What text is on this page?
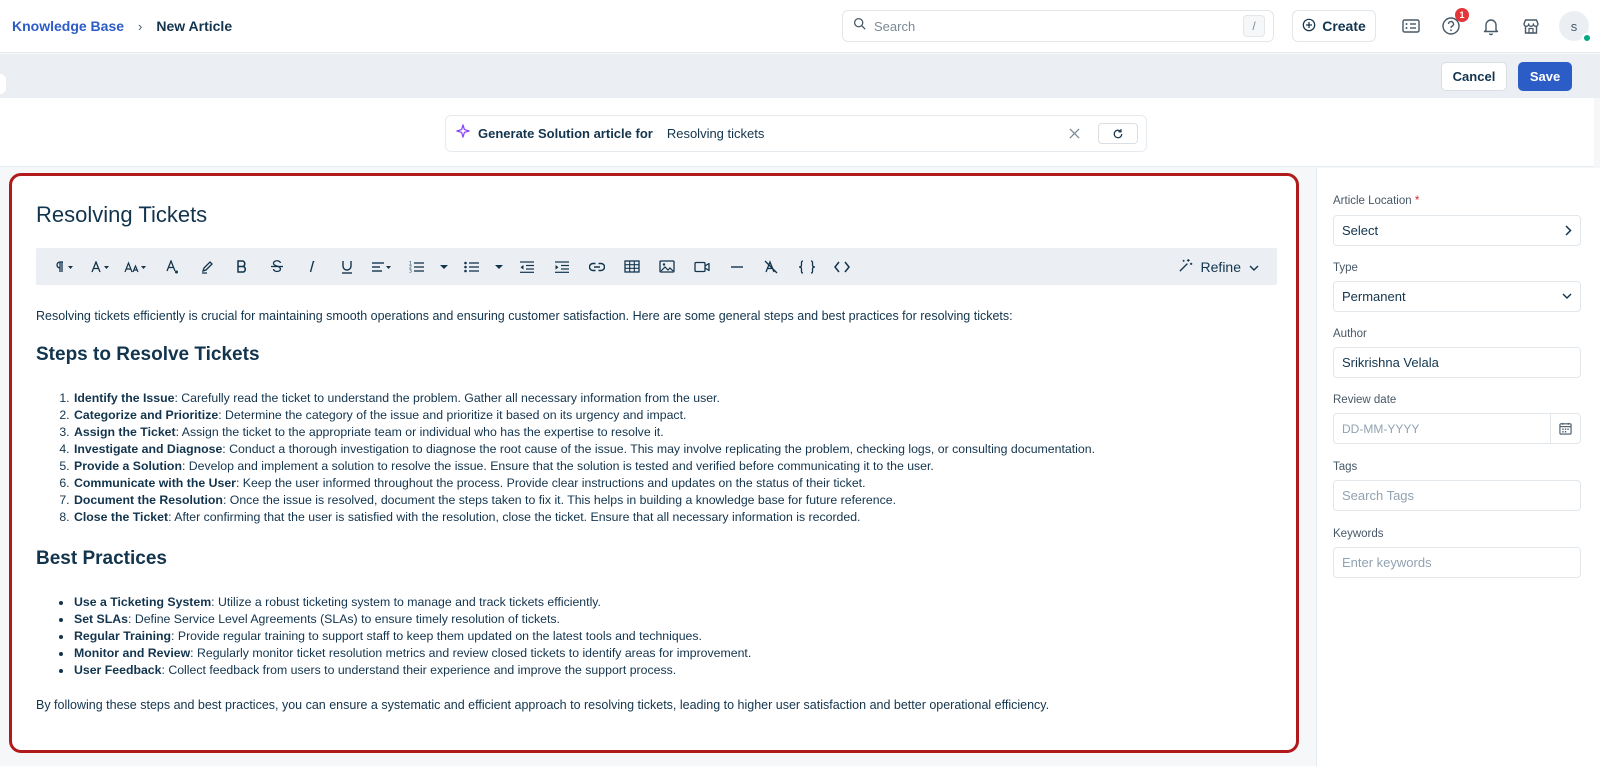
Knowledge Base › New Article	Search	/	Create
1
s
Cancel	Save
Generate Solution article for Resolving tickets
Resolving Tickets
1
2
3	Refine

Resolving tickets efficiently is crucial for maintaining smooth operations and ensuring customer satisfaction. Here are some general steps and best practices for resolving tickets:

Steps to Resolve Tickets
1. Identify the Issue: Carefully read the ticket to understand the problem. Gather all necessary information from the user.
2. Categorize and Prioritize: Determine the category of the issue and prioritize it based on its urgency and impact.
3. Assign the Ticket: Assign the ticket to the appropriate team or individual who has the expertise to resolve it.
4. Investigate and Diagnose: Conduct a thorough investigation to diagnose the root cause of the issue. This may involve replicating the problem, checking logs, or consulting documentation.
5. Provide a Solution: Develop and implement a solution to resolve the issue. Ensure that the solution is tested and verified before communicating it to the user.
6. Communicate with the User: Keep the user informed throughout the process. Provide clear instructions and updates on the status of their ticket.
7. Document the Resolution: Once the issue is resolved, document the steps taken to fix it. This helps in building a knowledge base for future reference.
8. Close the Ticket: After confirming that the user is satisfied with the resolution, close the ticket. Ensure that all necessary information is recorded.
Best Practices
• Use a Ticketing System: Utilize a robust ticketing system to manage and track tickets efficiently.
• Set SLAs: Define Service Level Agreements (SLAs) to ensure timely resolution of tickets.
• Regular Training: Provide regular training to support staff to keep them updated on the latest tools and techniques.
• Monitor and Review: Regularly monitor ticket resolution metrics and review closed tickets to identify areas for improvement.
• User Feedback: Collect feedback from users to understand their experience and improve the support process.

By following these steps and best practices, you can ensure a systematic and efficient approach to resolving tickets, leading to higher user satisfaction and better operational efficiency.

Article Location *
Select
Type
Permanent
Author
Srikrishna Velala
Review date
DD-MM-YYYY
Tags
Search Tags
Keywords
Enter keywords
